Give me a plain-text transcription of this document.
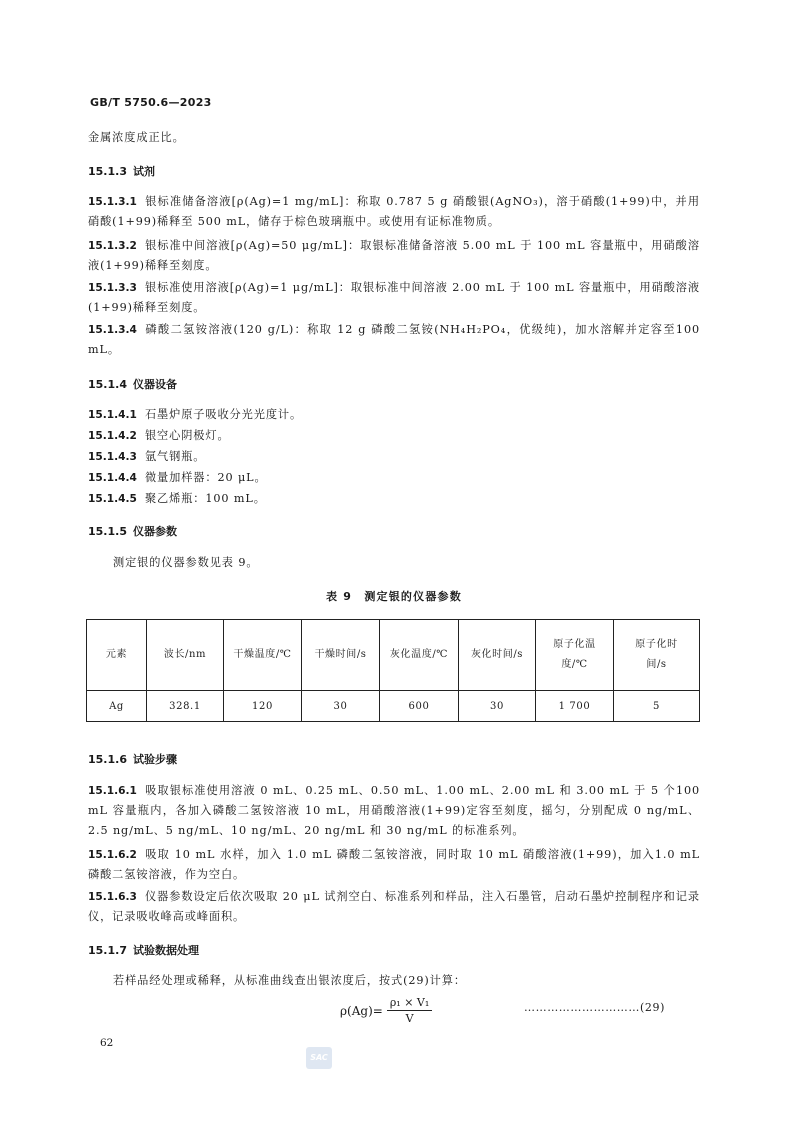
GB/T 5750.6—2023
金属浓度成正比。
15.1.3 试剂
15.1.3.1 银标准储备溶液[ρ(Ag)=1 mg/mL]：称取 0.787 5 g 硝酸银(AgNO₃)，溶于硝酸(1+99)中，并用硝酸(1+99)稀释至 500 mL，储存于棕色玻璃瓶中。或使用有证标准物质。
15.1.3.2 银标准中间溶液[ρ(Ag)=50 μg/mL]：取银标准储备溶液 5.00 mL 于 100 mL 容量瓶中，用硝酸溶液(1+99)稀释至刻度。
15.1.3.3 银标准使用溶液[ρ(Ag)=1 μg/mL]：取银标准中间溶液 2.00 mL 于 100 mL 容量瓶中，用硝酸溶液(1+99)稀释至刻度。
15.1.3.4 磷酸二氢铵溶液(120 g/L)：称取 12 g 磷酸二氢铵(NH₄H₂PO₄，优级纯)，加水溶解并定容至100 mL。
15.1.4 仪器设备
15.1.4.1 石墨炉原子吸收分光光度计。
15.1.4.2 银空心阴极灯。
15.1.4.3 氩气钢瓶。
15.1.4.4 微量加样器：20 μL。
15.1.4.5 聚乙烯瓶：100 mL。
15.1.5 仪器参数
测定银的仪器参数见表 9。
表 9　测定银的仪器参数
元素	波长/nm	干燥温度/℃	干燥时间/s	灰化温度/℃	灰化时间/s	原子化温度/℃	原子化时间/s
Ag	328.1	120	30	600	30	1 700	5
15.1.6 试验步骤
15.1.6.1 吸取银标准使用溶液 0 mL、0.25 mL、0.50 mL、1.00 mL、2.00 mL 和 3.00 mL 于 5 个100 mL 容量瓶内，各加入磷酸二氢铵溶液 10 mL，用硝酸溶液(1+99)定容至刻度，摇匀，分别配成 0 ng/mL、2.5 ng/mL、5 ng/mL、10 ng/mL、20 ng/mL 和 30 ng/mL 的标准系列。
15.1.6.2 吸取 10 mL 水样，加入 1.0 mL 磷酸二氢铵溶液，同时取 10 mL 硝酸溶液(1+99)，加入1.0 mL 磷酸二氢铵溶液，作为空白。
15.1.6.3 仪器参数设定后依次吸取 20 μL 试剂空白、标准系列和样品，注入石墨管，启动石墨炉控制程序和记录仪，记录吸收峰高或峰面积。
15.1.7 试验数据处理
若样品经处理或稀释，从标准曲线查出银浓度后，按式(29)计算：
$\rho(Ag)= \frac{\text{ρ₁ × V₁}}{V}$	…………………………(29)
62
SAC
